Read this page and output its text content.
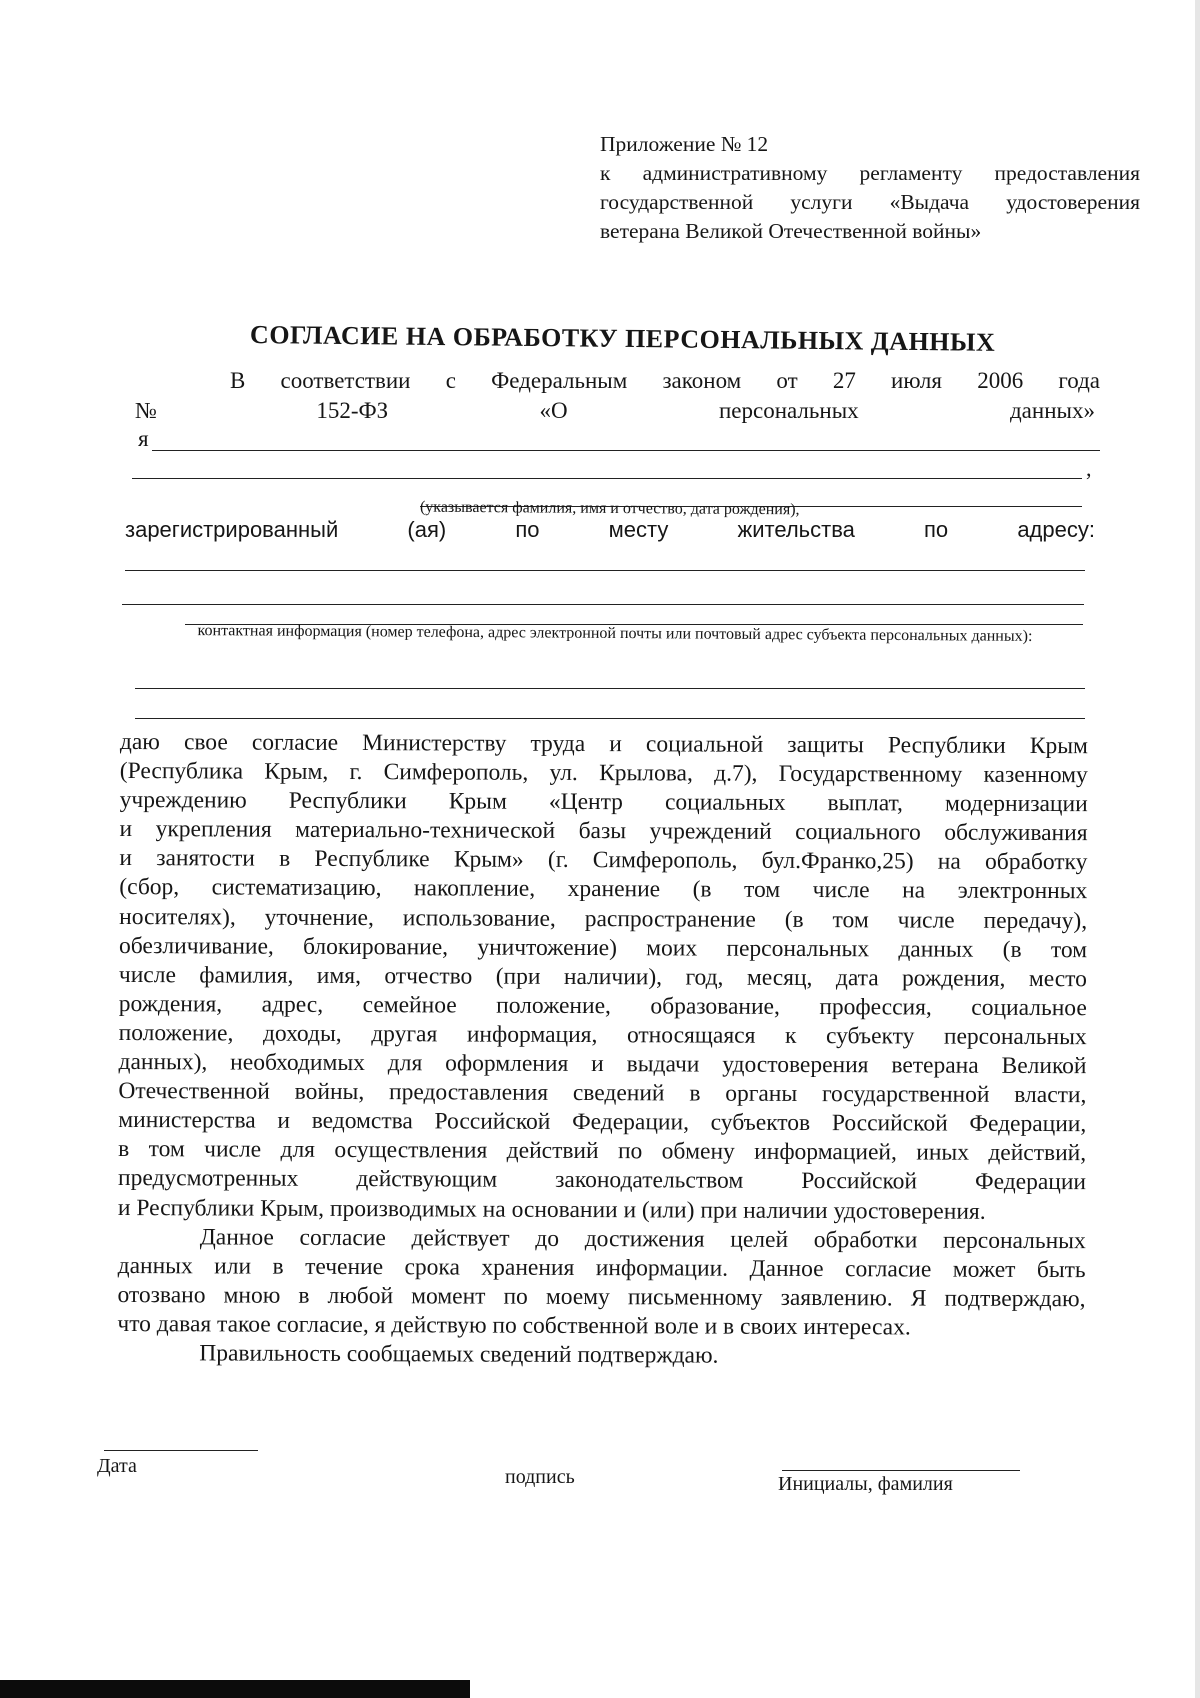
Приложение № 12
к административному регламенту предоставления
государственной услуги «Выдача удостоверения
ветерана Великой Отечественной войны»
СОГЛАСИЕ НА ОБРАБОТКУ ПЕРСОНАЛЬНЫХ ДАННЫХ
В соответствии с Федеральным законом от 27 июля 2006 года
№	152-ФЗ	«О	персональных	данных»
я
,
(указывается фамилия, имя и отчество, дата рождения),
зарегистрированный	(ая)	по	месту	жительства	по	адресу:
контактная информация (номер телефона, адрес электронной почты или почтовый адрес субъекта персональных данных):

даю свое согласие Министерству труда и социальной защиты Республики Крым
(Республика Крым, г. Симферополь, ул. Крылова, д.7), Государственному казенному
учреждению Республики Крым «Центр социальных выплат, модернизации
и укрепления материально-технической базы учреждений социального обслуживания
и занятости в Республике Крым» (г. Симферополь, бул.Франко,25) на обработку
(сбор, систематизацию, накопление, хранение (в том числе на электронных
носителях), уточнение, использование, распространение (в том числе передачу),
обезличивание, блокирование, уничтожение) моих персональных данных (в том
числе фамилия, имя, отчество (при наличии), год, месяц, дата рождения, место
рождения, адрес, семейное положение, образование, профессия, социальное
положение, доходы, другая информация, относящаяся к субъекту персональных
данных), необходимых для оформления и выдачи удостоверения ветерана Великой
Отечественной войны, предоставления сведений в органы государственной власти,
министерства и ведомства Российской Федерации, субъектов Российской Федерации,
в том числе для осуществления действий по обмену информацией, иных действий,
предусмотренных действующим законодательством Российской Федерации
и Республики Крым, производимых на основании и (или) при наличии удостоверения.

Данное согласие действует до достижения целей обработки персональных
данных или в течение срока хранения информации. Данное согласие может быть
отозвано мною в любой момент по моему письменному заявлению. Я подтверждаю,
что давая такое согласие, я действую по собственной воле и в своих интересах.

Правильность сообщаемых сведений подтверждаю.

Дата	подпись	Инициалы, фамилия
